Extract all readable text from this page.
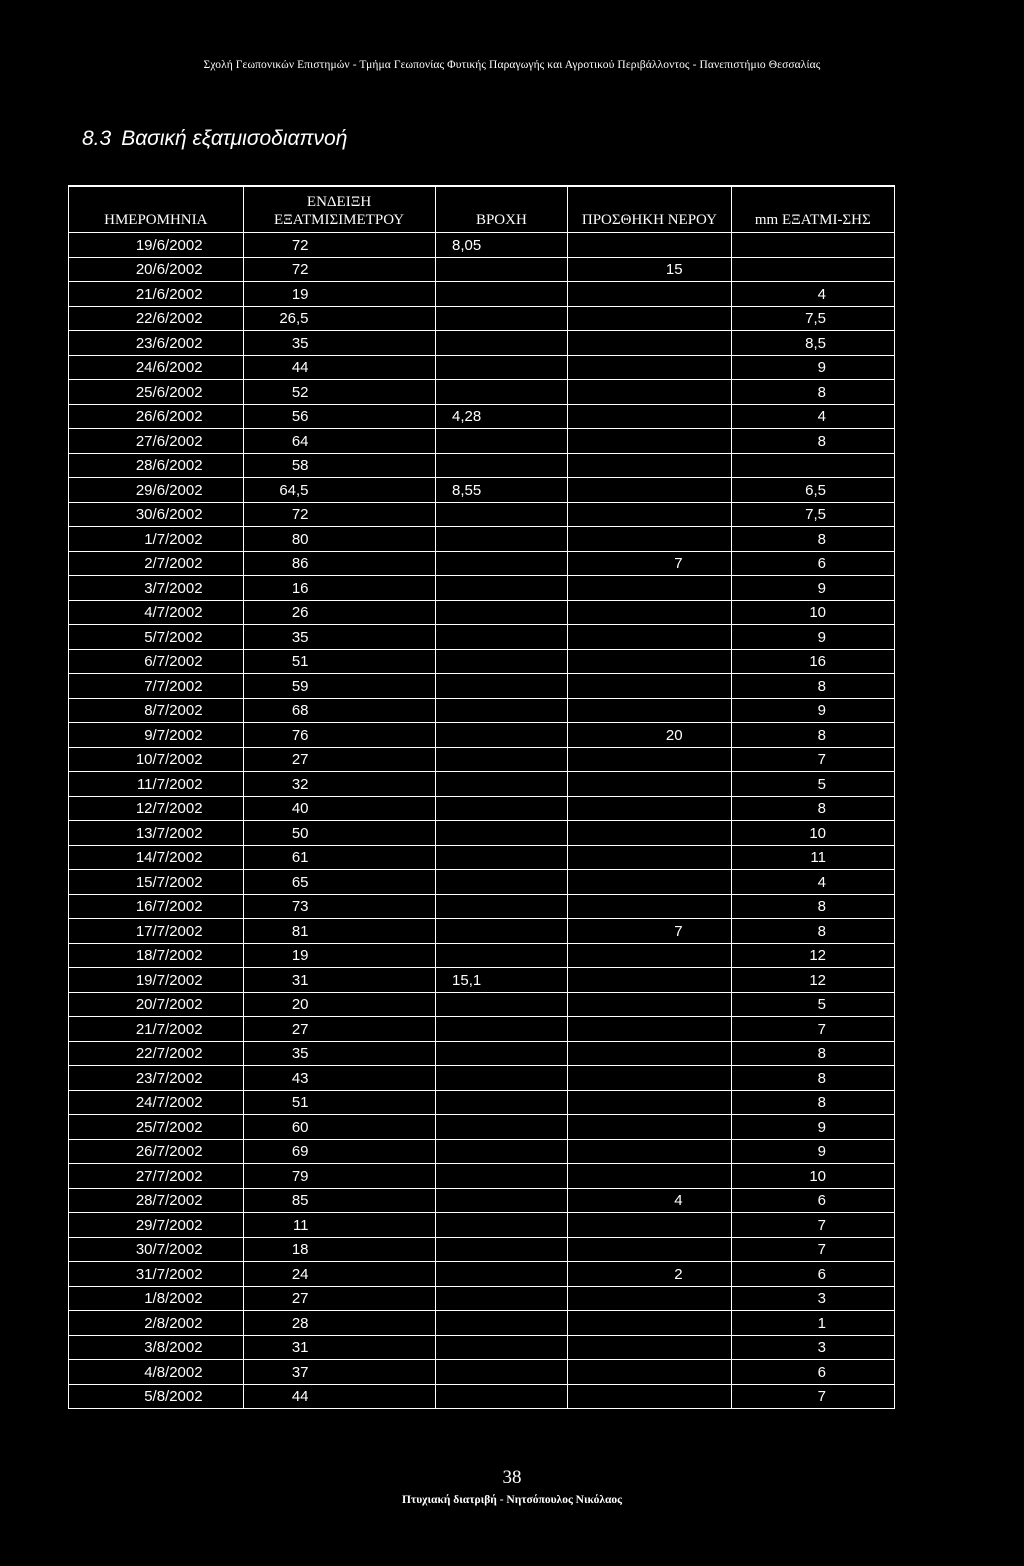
Σχολή Γεωπονικών Επιστημών - Τμήμα Γεωπονίας Φυτικής Παραγωγής και Αγροτικού Περιβάλλοντος - Πανεπιστήμιο Θεσσαλίας
8.3 Βασική εξατμισοδιαπνοή
ΗΜΕΡΟΜΗΝΙΑ	ΕΝΔΕΙΞΗ ΕΞΑΤΜΙΣΙΜΕΤΡΟΥ	ΒΡΟΧΗ	ΠΡΟΣΘΗΚΗ ΝΕΡΟΥ	mm ΕΞΑΤΜΙ-ΣΗΣ
19/6/2002	72	8,05		
20/6/2002	72		15	
21/6/2002	19			4
22/6/2002	26,5			7,5
23/6/2002	35			8,5
24/6/2002	44			9
25/6/2002	52			8
26/6/2002	56	4,28		4
27/6/2002	64			8
28/6/2002	58			
29/6/2002	64,5	8,55		6,5
30/6/2002	72			7,5
1/7/2002	80			8
2/7/2002	86		7	6
3/7/2002	16			9
4/7/2002	26			10
5/7/2002	35			9
6/7/2002	51			16
7/7/2002	59			8
8/7/2002	68			9
9/7/2002	76		20	8
10/7/2002	27			7
11/7/2002	32			5
12/7/2002	40			8
13/7/2002	50			10
14/7/2002	61			11
15/7/2002	65			4
16/7/2002	73			8
17/7/2002	81		7	8
18/7/2002	19			12
19/7/2002	31	15,1		12
20/7/2002	20			5
21/7/2002	27			7
22/7/2002	35			8
23/7/2002	43			8
24/7/2002	51			8
25/7/2002	60			9
26/7/2002	69			9
27/7/2002	79			10
28/7/2002	85		4	6
29/7/2002	11			7
30/7/2002	18			7
31/7/2002	24		2	6
1/8/2002	27			3
2/8/2002	28			1
3/8/2002	31			3
4/8/2002	37			6
5/8/2002	44			7
38
Πτυχιακή διατριβή - Νητσόπουλος Νικόλαος
